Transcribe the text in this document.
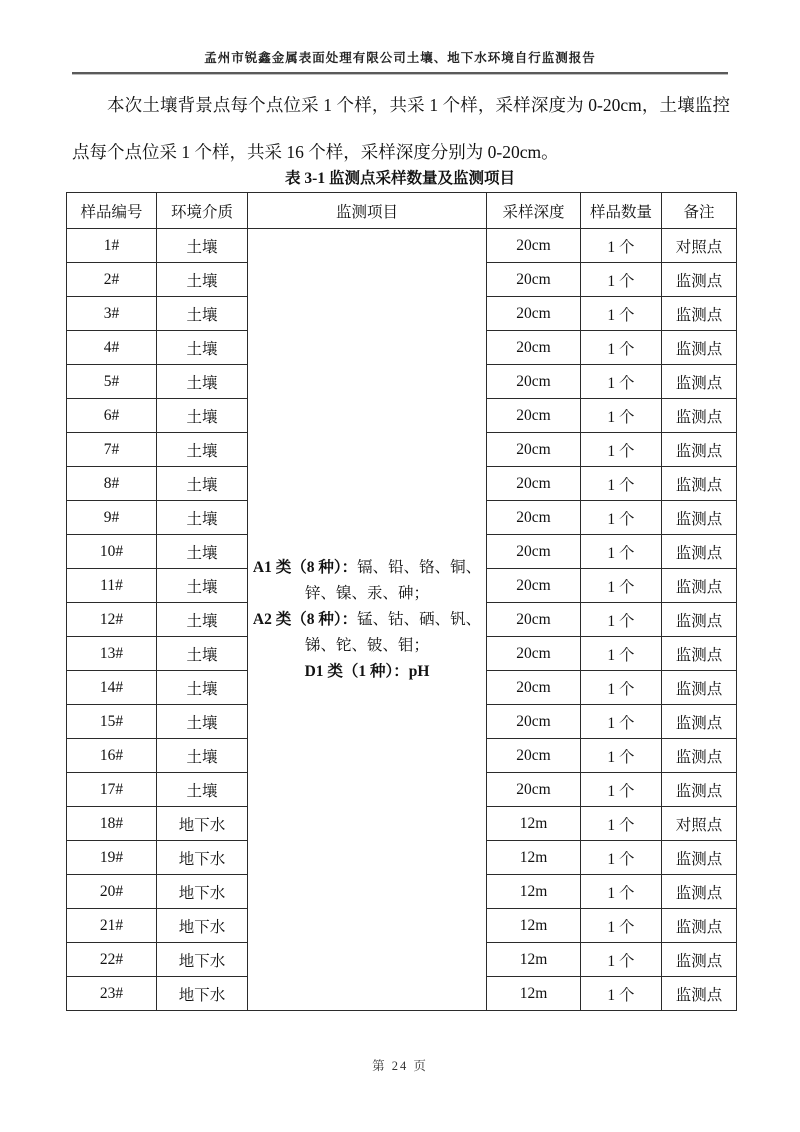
孟州市锐鑫金属表面处理有限公司土壤、地下水环境自行监测报告

本次土壤背景点每个点位采 1 个样，共采 1 个样，采样深度为 0-20cm，土壤监控点每个点位采 1 个样，共采 16 个样，采样深度分别为 0-20cm。

表 3-1 监测点采样数量及监测项目
样品编号	环境介质	监测项目	采样深度	样品数量	备注
1#	土壤	A1 类（8 种）：镉、铅、铬、铜、锌、镍、汞、砷；
A2 类（8 种）：锰、钴、硒、钒、锑、铊、铍、钼；
D1 类（1 种）：pH	20cm	1 个	对照点
2#	土壤		20cm	1 个	监测点
3#	土壤		20cm	1 个	监测点
4#	土壤		20cm	1 个	监测点
5#	土壤		20cm	1 个	监测点
6#	土壤		20cm	1 个	监测点
7#	土壤		20cm	1 个	监测点
8#	土壤		20cm	1 个	监测点
9#	土壤		20cm	1 个	监测点
10#	土壤		20cm	1 个	监测点
11#	土壤		20cm	1 个	监测点
12#	土壤		20cm	1 个	监测点
13#	土壤		20cm	1 个	监测点
14#	土壤		20cm	1 个	监测点
15#	土壤		20cm	1 个	监测点
16#	土壤		20cm	1 个	监测点
17#	土壤		20cm	1 个	监测点
18#	地下水		12m	1 个	对照点
19#	地下水		12m	1 个	监测点
20#	地下水		12m	1 个	监测点
21#	地下水		12m	1 个	监测点
22#	地下水		12m	1 个	监测点
23#	地下水		12m	1 个	监测点
第 24 页
